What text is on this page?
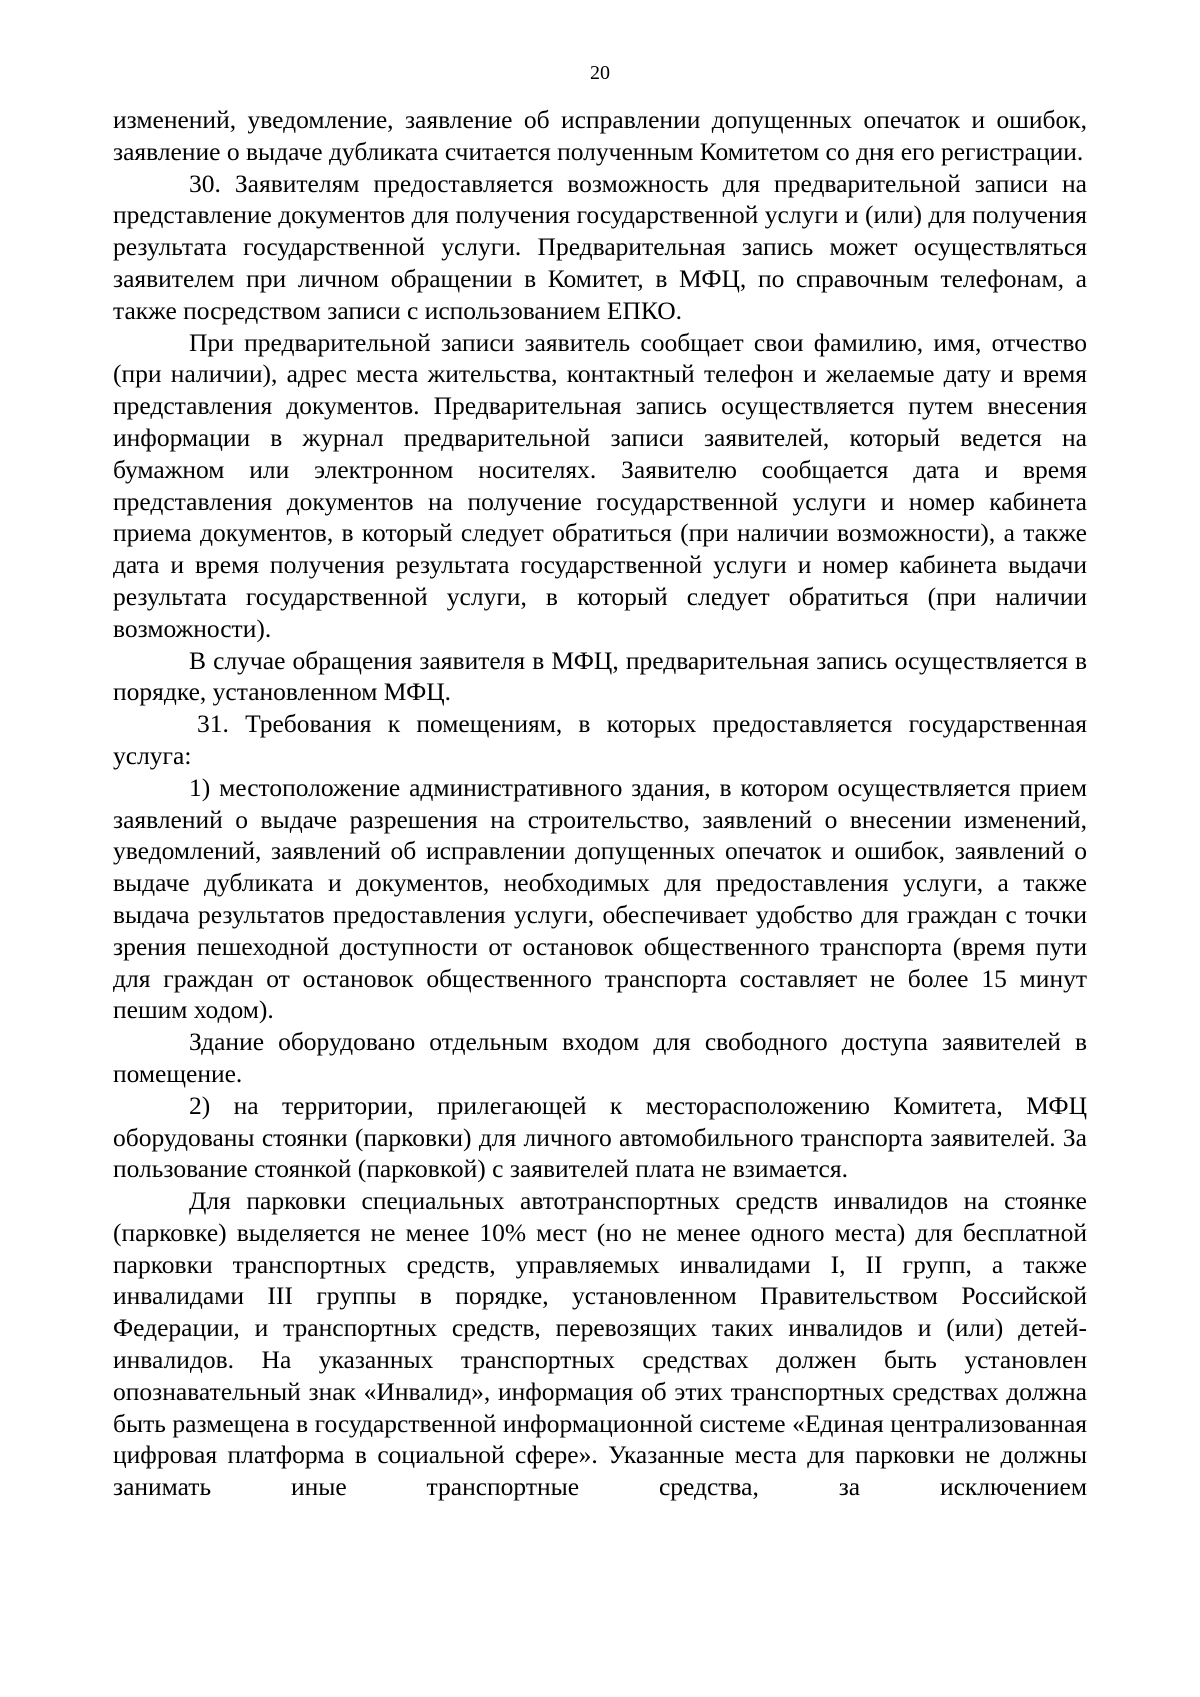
20

изменений, уведомление, заявление об исправлении допущенных опечаток и ошибок, заявление о выдаче дубликата считается полученным Комитетом со дня его регистрации.

30. Заявителям предоставляется возможность для предварительной записи на представление документов для получения государственной услуги и (или) для получения результата государственной услуги. Предварительная запись может осуществляться заявителем при личном обращении в Комитет, в МФЦ, по справочным телефонам, а также посредством записи с использованием ЕПКО.

При предварительной записи заявитель сообщает свои фамилию, имя, отчество (при наличии), адрес места жительства, контактный телефон и желаемые дату и время представления документов. Предварительная запись осуществляется путем внесения информации в журнал предварительной записи заявителей, который ведется на бумажном или электронном носителях. Заявителю сообщается дата и время представления документов на получение государственной услуги и номер кабинета приема документов, в который следует обратиться (при наличии возможности), а также дата и время получения результата государственной услуги и номер кабинета выдачи результата государственной услуги, в который следует обратиться (при наличии возможности).

В случае обращения заявителя в МФЦ, предварительная запись осуществляется в порядке, установленном МФЦ.

31. Требования к помещениям, в которых предоставляется государственная услуга:

1) местоположение административного здания, в котором осуществляется прием заявлений о выдаче разрешения на строительство, заявлений о внесении изменений, уведомлений, заявлений об исправлении допущенных опечаток и ошибок, заявлений о выдаче дубликата и документов, необходимых для предоставления услуги, а также выдача результатов предоставления услуги, обеспечивает удобство для граждан с точки зрения пешеходной доступности от остановок общественного транспорта (время пути для граждан от остановок общественного транспорта составляет не более 15 минут пешим ходом).

Здание оборудовано отдельным входом для свободного доступа заявителей в помещение.

2) на территории, прилегающей к месторасположению Комитета, МФЦ оборудованы стоянки (парковки) для личного автомобильного транспорта заявителей. За пользование стоянкой (парковкой) с заявителей плата не взимается.

Для парковки специальных автотранспортных средств инвалидов на стоянке (парковке) выделяется не менее 10% мест (но не менее одного места) для бесплатной парковки транспортных средств, управляемых инвалидами I, II групп, а также инвалидами III группы в порядке, установленном Правительством Российской Федерации, и транспортных средств, перевозящих таких инвалидов и (или) детей-инвалидов. На указанных транспортных средствах должен быть установлен опознавательный знак «Инвалид», информация об этих транспортных средствах должна быть размещена в государственной информационной системе «Единая централизованная цифровая платформа в социальной сфере». Указанные места для парковки не должны занимать иные транспортные средства, за исключением
